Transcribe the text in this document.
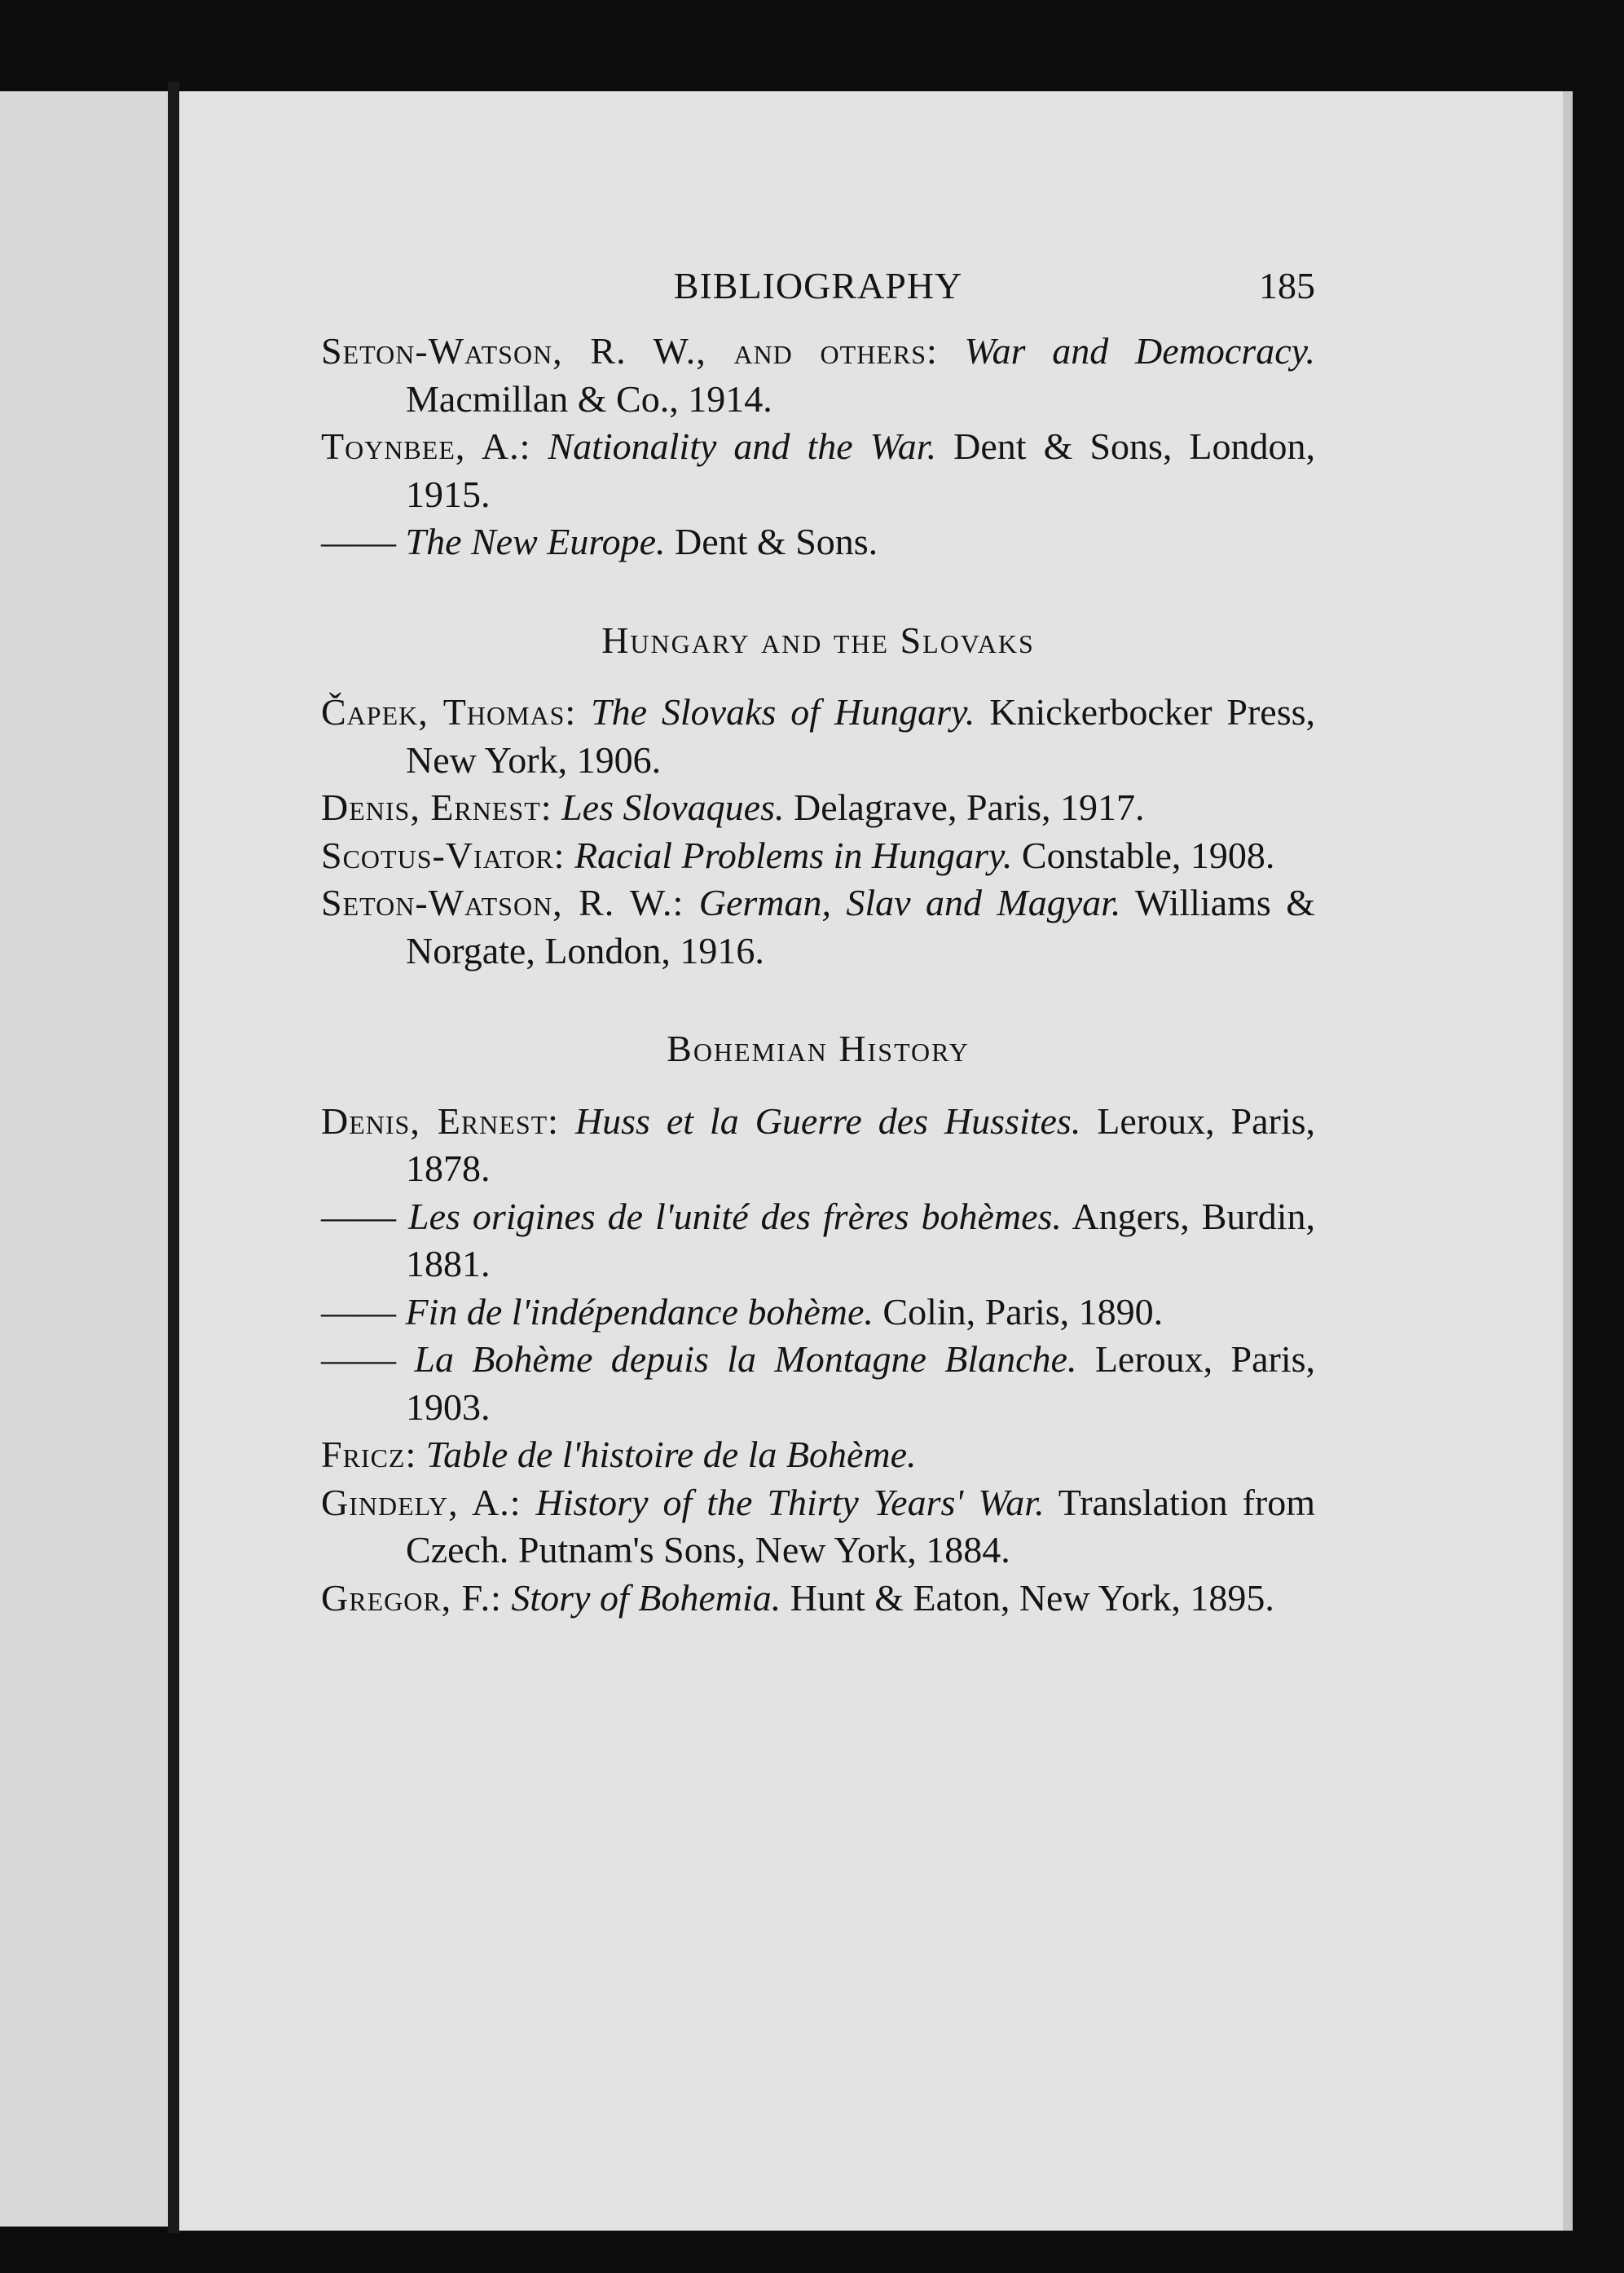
BIBLIOGRAPHY	185
Seton-Watson, R. W., and others: War and Democracy. Macmillan & Co., 1914.
Toynbee, A.: Nationality and the War. Dent & Sons, London, 1915.
—— The New Europe. Dent & Sons.
Hungary and the Slovaks
Čapek, Thomas: The Slovaks of Hungary. Knickerbocker Press, New York, 1906.
Denis, Ernest: Les Slovaques. Delagrave, Paris, 1917.
Scotus-Viator: Racial Problems in Hungary. Constable, 1908.
Seton-Watson, R. W.: German, Slav and Magyar. Williams & Norgate, London, 1916.
Bohemian History
Denis, Ernest: Huss et la Guerre des Hussites. Leroux, Paris, 1878.
—— Les origines de l'unité des frères bohèmes. Angers, Burdin, 1881.
—— Fin de l'indépendance bohème. Colin, Paris, 1890.
—— La Bohème depuis la Montagne Blanche. Leroux, Paris, 1903.
Fricz: Table de l'histoire de la Bohème.
Gindely, A.: History of the Thirty Years' War. Translation from Czech. Putnam's Sons, New York, 1884.
Gregor, F.: Story of Bohemia. Hunt & Eaton, New York, 1895.
